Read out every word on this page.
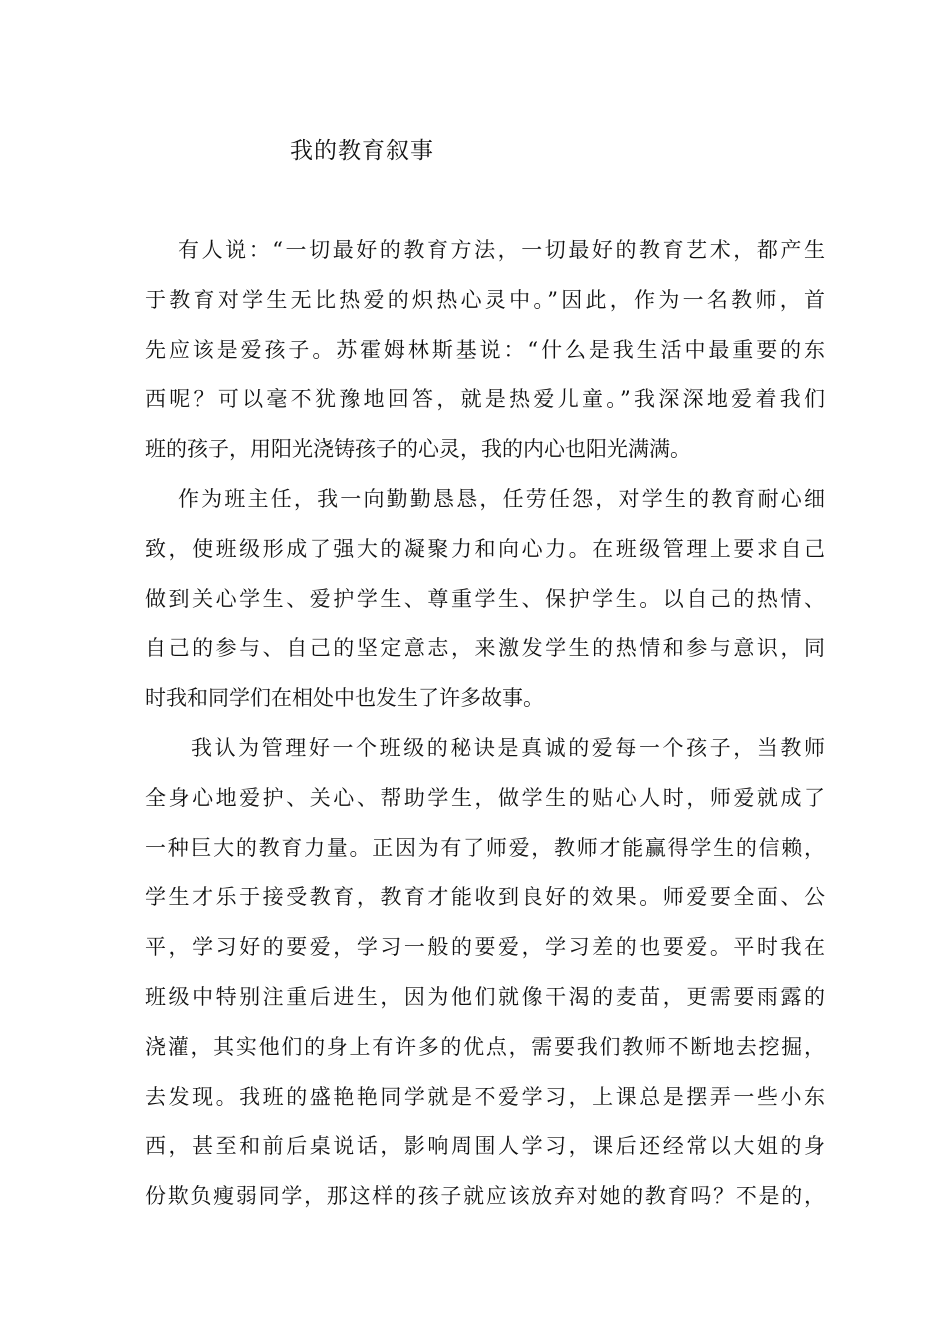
我的教育叙事
有人说：“一切最好的教育方法，一切最好的教育艺术，都产生
于教育对学生无比热爱的炽热心灵中。”因此，作为一名教师，首
先应该是爱孩子。苏霍姆林斯基说：“什么是我生活中最重要的东
西呢？可以毫不犹豫地回答，就是热爱儿童。”我深深地爱着我们
班的孩子，用阳光浇铸孩子的心灵，我的内心也阳光满满。
作为班主任，我一向勤勤恳恳，任劳任怨，对学生的教育耐心细
致，使班级形成了强大的凝聚力和向心力。在班级管理上要求自己
做到关心学生、爱护学生、尊重学生、保护学生。以自己的热情、
自己的参与、自己的坚定意志，来激发学生的热情和参与意识，同
时我和同学们在相处中也发生了许多故事。
我认为管理好一个班级的秘诀是真诚的爱每一个孩子，当教师
全身心地爱护、关心、帮助学生，做学生的贴心人时，师爱就成了
一种巨大的教育力量。正因为有了师爱，教师才能赢得学生的信赖，
学生才乐于接受教育，教育才能收到良好的效果。师爱要全面、公
平，学习好的要爱，学习一般的要爱，学习差的也要爱。平时我在
班级中特别注重后进生，因为他们就像干渴的麦苗，更需要雨露的
浇灌，其实他们的身上有许多的优点，需要我们教师不断地去挖掘，
去发现。我班的盛艳艳同学就是不爱学习，上课总是摆弄一些小东
西，甚至和前后桌说话，影响周围人学习，课后还经常以大姐的身
份欺负瘦弱同学，那这样的孩子就应该放弃对她的教育吗？不是的，
